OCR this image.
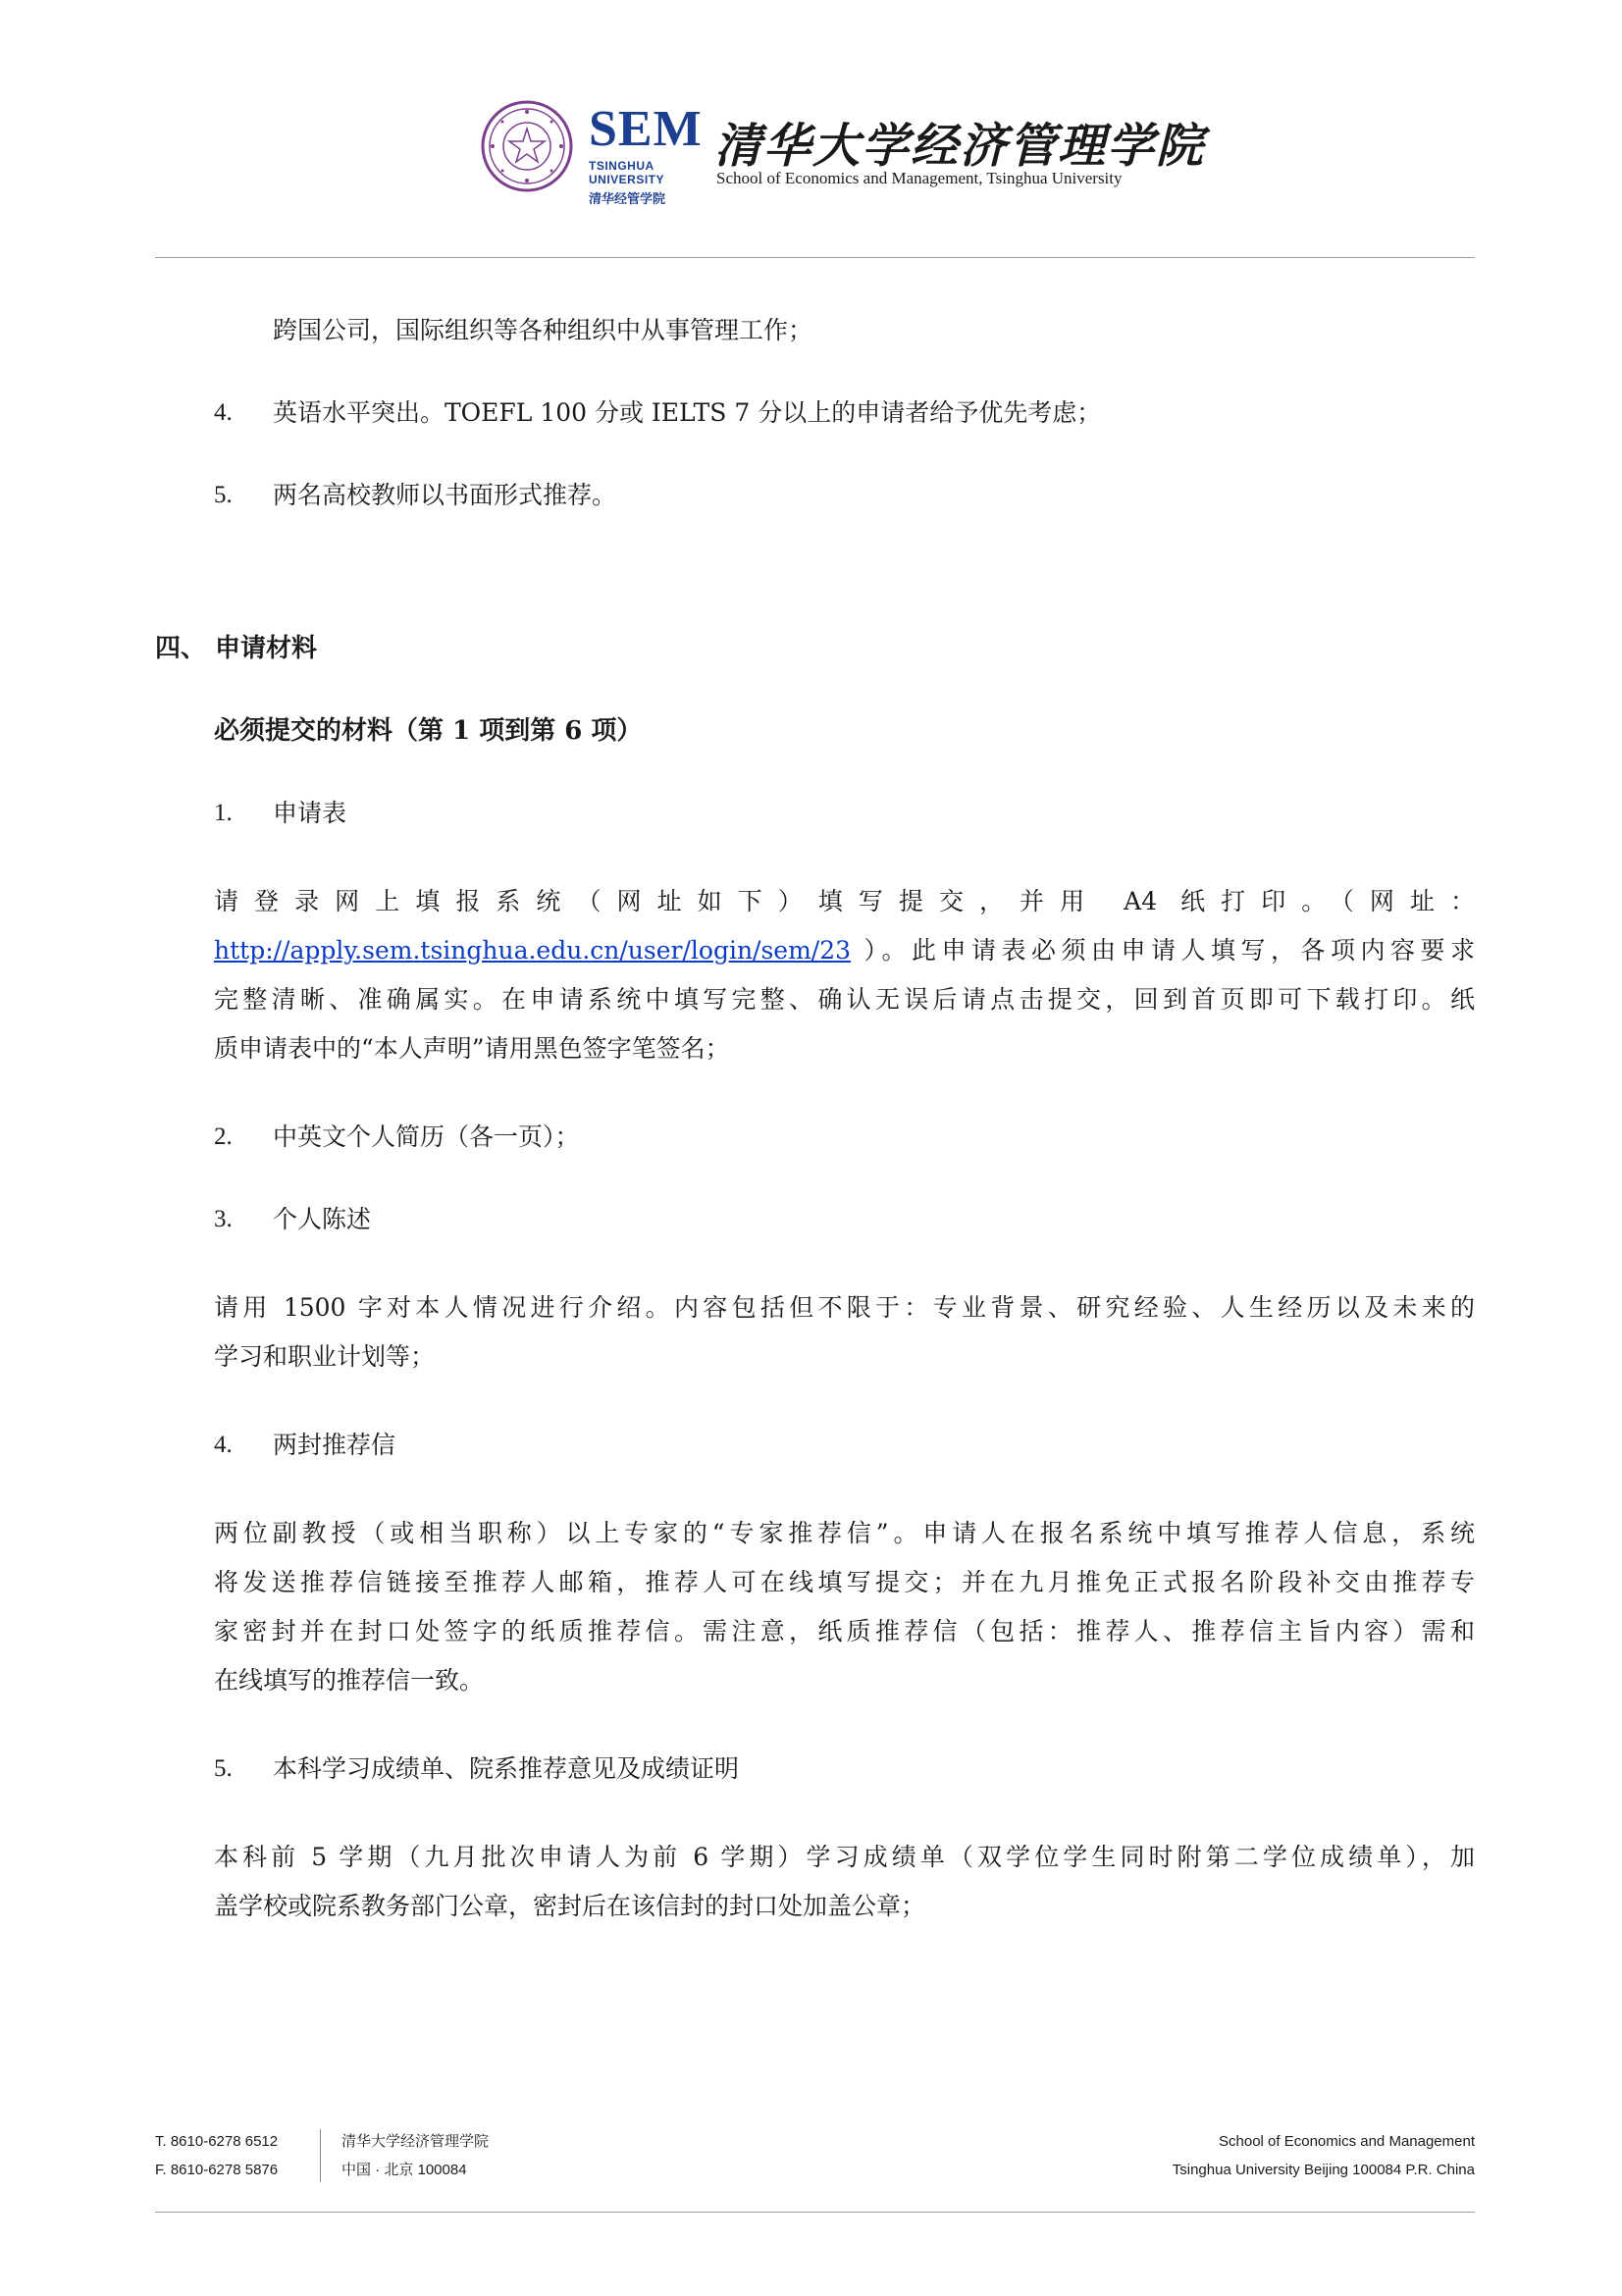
SEM
TSINGHUA UNIVERSITY
清华经管学院
清华大学经济管理学院
School of Economics and Management, Tsinghua University

跨国公司，国际组织等各种组织中从事管理工作；

4.	英语水平突出。TOEFL 100 分或 IELTS 7 分以上的申请者给予优先考虑；
5.	两名高校教师以书面形式推荐。

四、 申请材料

必须提交的材料（第 1 项到第 6 项）

1.	申请表

请登录网上填报系统（网址如下）填写提交，并用 A4 纸打印。（网址：

http://apply.sem.tsinghua.edu.cn/user/login/sem/23 ）。此申请表必须由申请人填写，各项内容要求

完整清晰、准确属实。在申请系统中填写完整、确认无误后请点击提交，回到首页即可下载打印。纸

质申请表中的“本人声明”请用黑色签字笔签名；

2.	中英文个人简历（各一页）；
3.	个人陈述

请用 1500 字对本人情况进行介绍。内容包括但不限于：专业背景、研究经验、人生经历以及未来的

学习和职业计划等；

4.	两封推荐信

两位副教授（或相当职称）以上专家的“专家推荐信”。申请人在报名系统中填写推荐人信息，系统

将发送推荐信链接至推荐人邮箱，推荐人可在线填写提交；并在九月推免正式报名阶段补交由推荐专

家密封并在封口处签字的纸质推荐信。需注意，纸质推荐信（包括：推荐人、推荐信主旨内容）需和

在线填写的推荐信一致。

5.	本科学习成绩单、院系推荐意见及成绩证明

本科前 5 学期（九月批次申请人为前 6 学期）学习成绩单（双学位学生同时附第二学位成绩单），加

盖学校或院系教务部门公章，密封后在该信封的封口处加盖公章；

T. 8610-6278 6512
F. 8610-6278 5876
清华大学经济管理学院
中国 · 北京 100084
School of Economics and Management
Tsinghua University Beijing 100084 P.R. China
